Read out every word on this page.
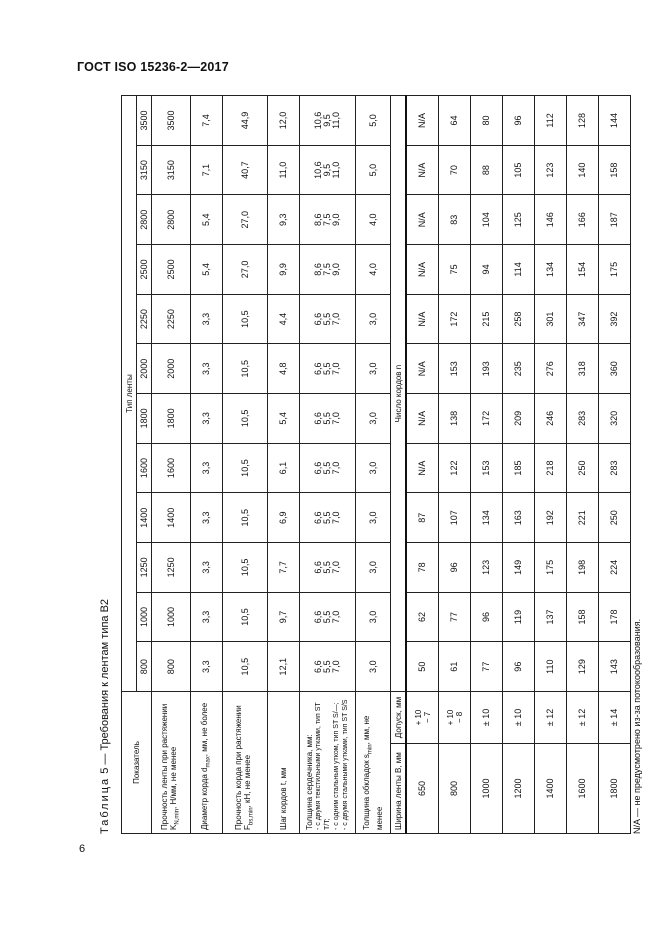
ГОСТ ISO 15236-2—2017
Таблица 5 — Требования к лентам типа В2	Показатель		Тип ленты											
		800	1000	1250	1400	1600	1800	2000	2250	2500	2800	3150	3500
Прочность ленты при растяжении $K_{N,min}$, Н/мм, не менее		800	1000	1250	1400	1600	1800	2000	2250	2500	2800	3150	3500
Диаметр корда $d_{max}$, мм, не более		3,3	3,3	3,3	3,3	3,3	3,3	3,3	3,3	5,4	5,4	7,1	7,4
Прочность корда при растяжении $F_{bs,min}$, кН, не менее		10,5	10,5	10,5	10,5	10,5	10,5	10,5	10,5	27,0	27,0	40,7	44,9
Шаг кордов t, мм		12,1	9,7	7,7	6,9	6,1	5,4	4,8	4,4	9,9	9,3	11,0	12,0

Толщина сердечника, мм: - с двумя текстильными утками, тип ST T/T; - с одним стальным утком, тип ST S/—; - с двумя стальными утками, тип ST S/S		6,6 5,5 7,0	6,6 5,5 7,0	6,6 5,5 7,0	6,6 5,5 7,0	6,6 5,5 7,0	6,6 5,5 7,0	6,6 5,5 7,0	6,6 5,5 7,0	8,6 7,5 9,0	8,6 7,5 9,0	10,6 9,5 11,0	10,6 9,5 11,0

Толщина обкладок $s_{min}$, мм, не менее		3,0	3,0	3,0	3,0	3,0	3,0	3,0	3,0	4,0	4,0	5,0	5,0
Ширина ленты B, мм	Допуск, мм	Число кордов n											
650	+ 10 − 7	50	62	78	87	N/A	N/A	N/A	N/A	N/A	N/A	N/A	N/A
800	+ 10 − 8	61	77	96	107	122	138	153	172	75	83	70	64
1000	± 10	77	96	123	134	153	172	193	215	94	104	88	80
1200	± 10	96	119	149	163	185	209	235	258	114	125	105	96
1400	± 12	110	137	175	192	218	246	276	301	134	146	123	112
1600	± 12	129	158	198	221	250	283	318	347	154	166	140	128
1800	± 14	143	178	224	250	283	320	360	392	175	187	158	144
N/A — не предусмотрено из-за потокообразования.
6
